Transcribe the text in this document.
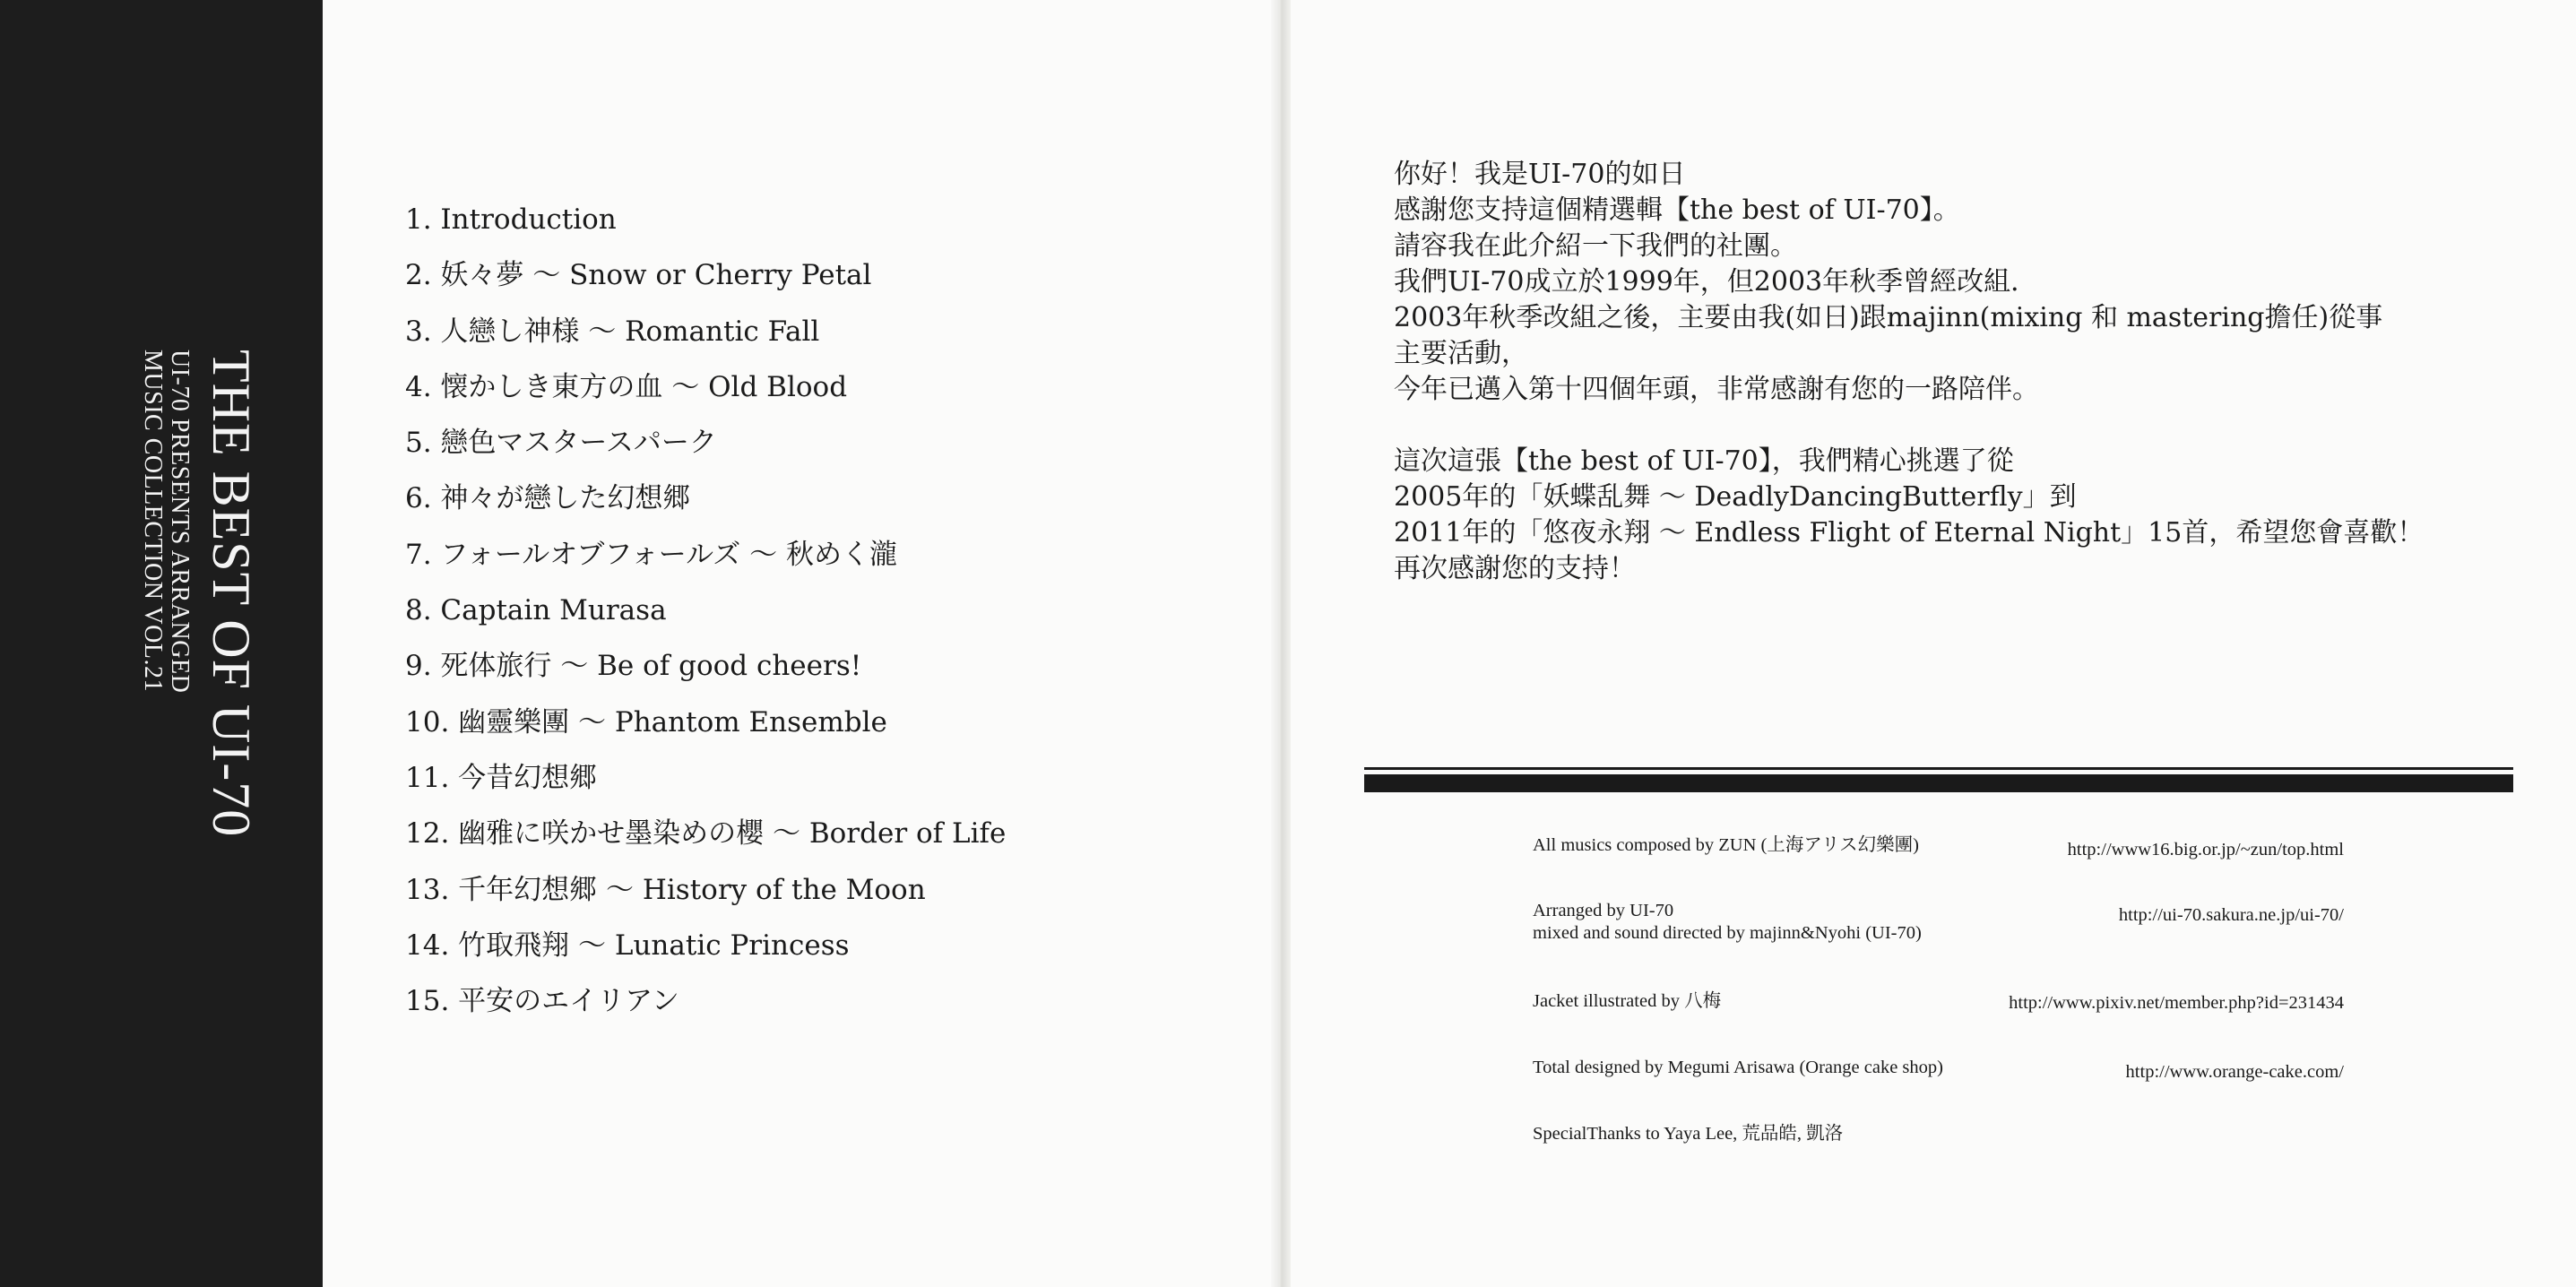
THE BEST OF UI-70
UI-70 PRESENTS ARRANGED
MUSIC COLLECTION VOL.21
1. Introduction
2. 妖々夢 〜 Snow or Cherry Petal
3. 人戀し神様 〜 Romantic Fall
4. 懐かしき東方の血 〜 Old Blood
5. 戀色マスタースパーク
6. 神々が戀した幻想郷
7. フォールオブフォールズ 〜 秋めく瀧
8. Captain Murasa
9. 死体旅行 〜 Be of good cheers!
10. 幽靈樂團 〜 Phantom Ensemble
11. 今昔幻想郷
12. 幽雅に咲かせ墨染めの櫻 〜 Border of Life
13. 千年幻想郷 〜 History of the Moon
14. 竹取飛翔 〜 Lunatic Princess
15. 平安のエイリアン
你好！我是UI-70的如日
感謝您支持這個精選輯【the best of UI-70】。
請容我在此介紹一下我們的社團。
我們UI-70成立於1999年，但2003年秋季曾經改組．
2003年秋季改組之後，主要由我(如日)跟majinn(mixing 和 mastering擔任)從事
主要活動，
今年已邁入第十四個年頭，非常感謝有您的一路陪伴。
這次這張【the best of UI-70】，我們精心挑選了從
2005年的「妖蝶乱舞 〜 DeadlyDancingButterfly」到
2011年的「悠夜永翔 〜 Endless Flight of Eternal Night」15首，希望您會喜歡！
再次感謝您的支持！
All musics composed by ZUN (上海アリス幻樂團)	http://www16.big.or.jp/~zun/top.html
Arranged by UI-70
mixed and sound directed by majinn&Nyohi (UI-70)
http://ui-70.sakura.ne.jp/ui-70/
Jacket illustrated by 八梅	http://www.pixiv.net/member.php?id=231434
Total designed by Megumi Arisawa (Orange cake shop)	http://www.orange-cake.com/
SpecialThanks to Yaya Lee, 荒品皓, 凱洛
